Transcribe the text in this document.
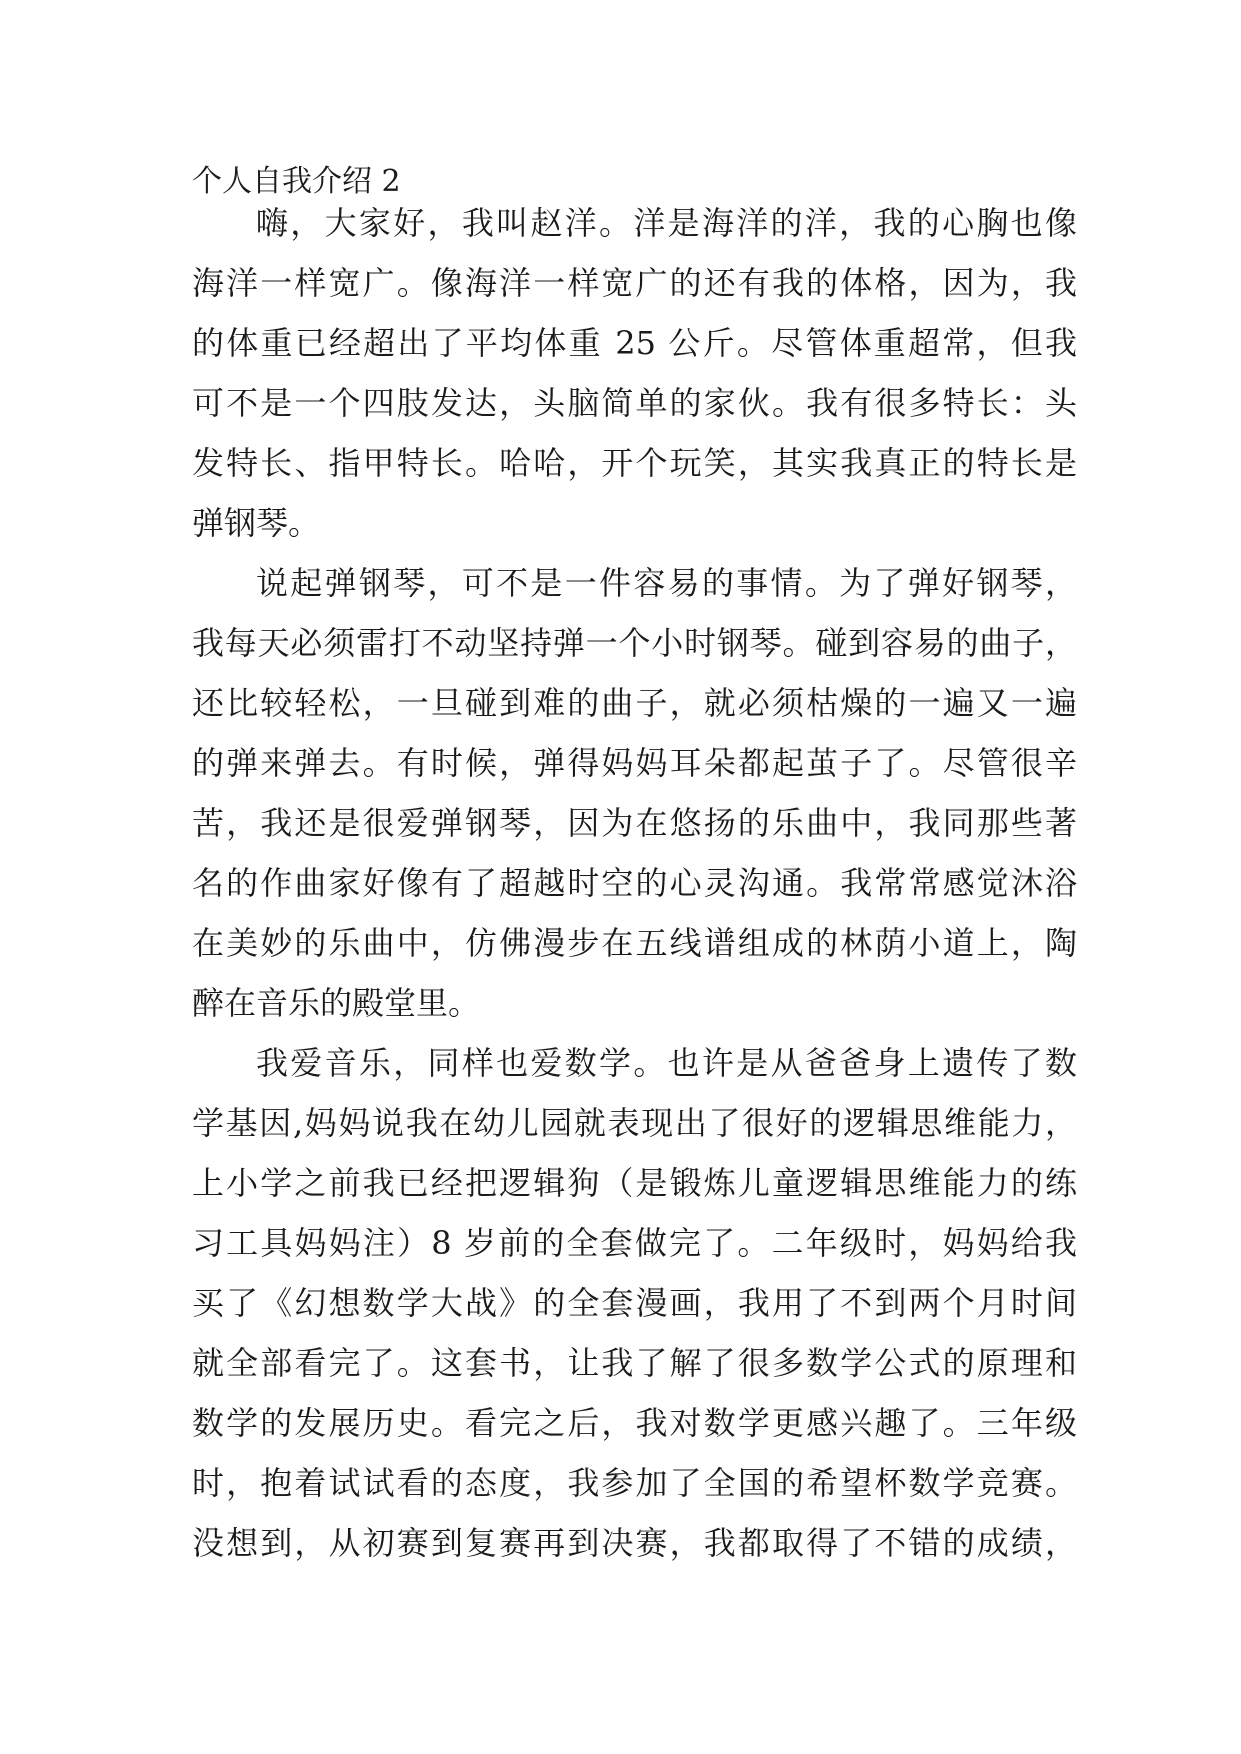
个人自我介绍 2
嗨，大家好，我叫赵洋。洋是海洋的洋，我的心胸也像
海洋一样宽广。像海洋一样宽广的还有我的体格，因为，我
的体重已经超出了平均体重 25 公斤。尽管体重超常，但我
可不是一个四肢发达，头脑简单的家伙。我有很多特长：头
发特长、指甲特长。哈哈，开个玩笑，其实我真正的特长是
弹钢琴。
说起弹钢琴，可不是一件容易的事情。为了弹好钢琴，
我每天必须雷打不动坚持弹一个小时钢琴。碰到容易的曲子，
还比较轻松，一旦碰到难的曲子，就必须枯燥的一遍又一遍
的弹来弹去。有时候，弹得妈妈耳朵都起茧子了。尽管很辛
苦，我还是很爱弹钢琴，因为在悠扬的乐曲中，我同那些著
名的作曲家好像有了超越时空的心灵沟通。我常常感觉沐浴
在美妙的乐曲中，仿佛漫步在五线谱组成的林荫小道上，陶
醉在音乐的殿堂里。
我爱音乐，同样也爱数学。也许是从爸爸身上遗传了数
学基因,妈妈说我在幼儿园就表现出了很好的逻辑思维能力，
上小学之前我已经把逻辑狗（是锻炼儿童逻辑思维能力的练
习工具妈妈注）8 岁前的全套做完了。二年级时，妈妈给我
买了《幻想数学大战》的全套漫画，我用了不到两个月时间
就全部看完了。这套书，让我了解了很多数学公式的原理和
数学的发展历史。看完之后，我对数学更感兴趣了。三年级
时，抱着试试看的态度，我参加了全国的希望杯数学竞赛。
没想到，从初赛到复赛再到决赛，我都取得了不错的成绩，
